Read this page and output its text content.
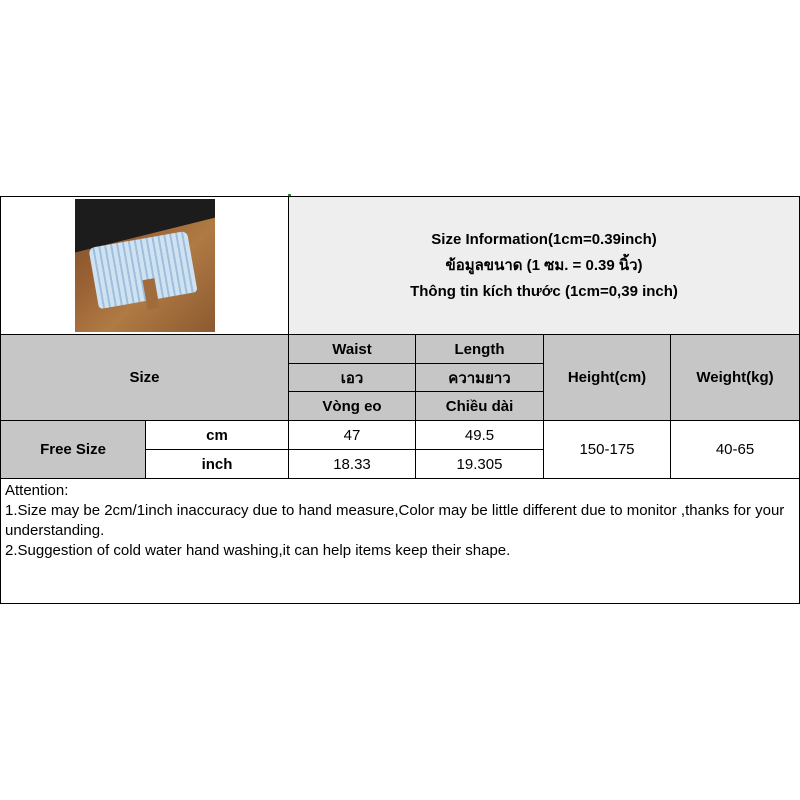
		Size Information(1cm=0.39inch)
ข้อมูลขนาด (1 ซม. = 0.39 นิ้ว)
Thông tin kích thước (1cm=0,39 inch)			

Size		Waist	Length	Height(cm)	Weight(kg)
		เอว	ความยาว		
		Vòng eo	Chiều dài		
Free Size	cm	47	49.5	150-175	40-65
	inch	18.33	19.305		

Attention:
1.Size may be 2cm/1inch inaccuracy due to hand measure,Color may be little different due to monitor ,thanks for your understanding.
2.Suggestion of cold water hand washing,it can help items keep their shape.					
